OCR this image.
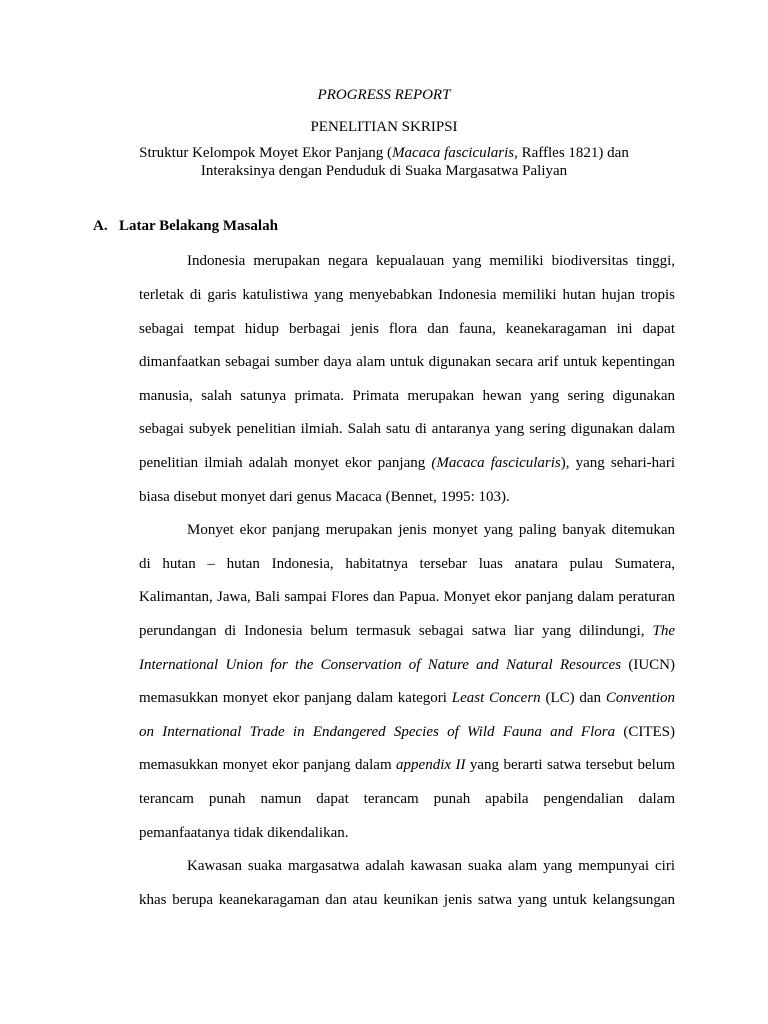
PROGRESS REPORT
PENELITIAN SKRIPSI
Struktur Kelompok Moyet Ekor Panjang (Macaca fascicularis, Raffles 1821) dan
Interaksinya dengan Penduduk di Suaka Margasatwa Paliyan
A. Latar Belakang Masalah
Indonesia merupakan negara kepualauan yang memiliki biodiversitas tinggi,
terletak di garis katulistiwa yang menyebabkan Indonesia memiliki hutan hujan tropis
sebagai tempat hidup berbagai jenis flora dan fauna, keanekaragaman ini dapat
dimanfaatkan sebagai sumber daya alam untuk digunakan secara arif untuk kepentingan
manusia, salah satunya primata. Primata merupakan hewan yang sering digunakan
sebagai subyek penelitian ilmiah. Salah satu di antaranya yang sering digunakan dalam
penelitian ilmiah adalah monyet ekor panjang (Macaca fascicularis), yang sehari-hari
biasa disebut monyet dari genus Macaca (Bennet, 1995: 103).
Monyet ekor panjang merupakan jenis monyet yang paling banyak ditemukan
di hutan – hutan Indonesia, habitatnya tersebar luas anatara pulau Sumatera,
Kalimantan, Jawa, Bali sampai Flores dan Papua. Monyet ekor panjang dalam peraturan
perundangan di Indonesia belum termasuk sebagai satwa liar yang dilindungi, The
International Union for the Conservation of Nature and Natural Resources (IUCN)
memasukkan monyet ekor panjang dalam kategori Least Concern (LC) dan Convention
on International Trade in Endangered Species of Wild Fauna and Flora (CITES)
memasukkan monyet ekor panjang dalam appendix II yang berarti satwa tersebut belum
terancam punah namun dapat terancam punah apabila pengendalian dalam
pemanfaatanya tidak dikendalikan.
Kawasan suaka margasatwa adalah kawasan suaka alam yang mempunyai ciri
khas berupa keanekaragaman dan atau keunikan jenis satwa yang untuk kelangsungan
